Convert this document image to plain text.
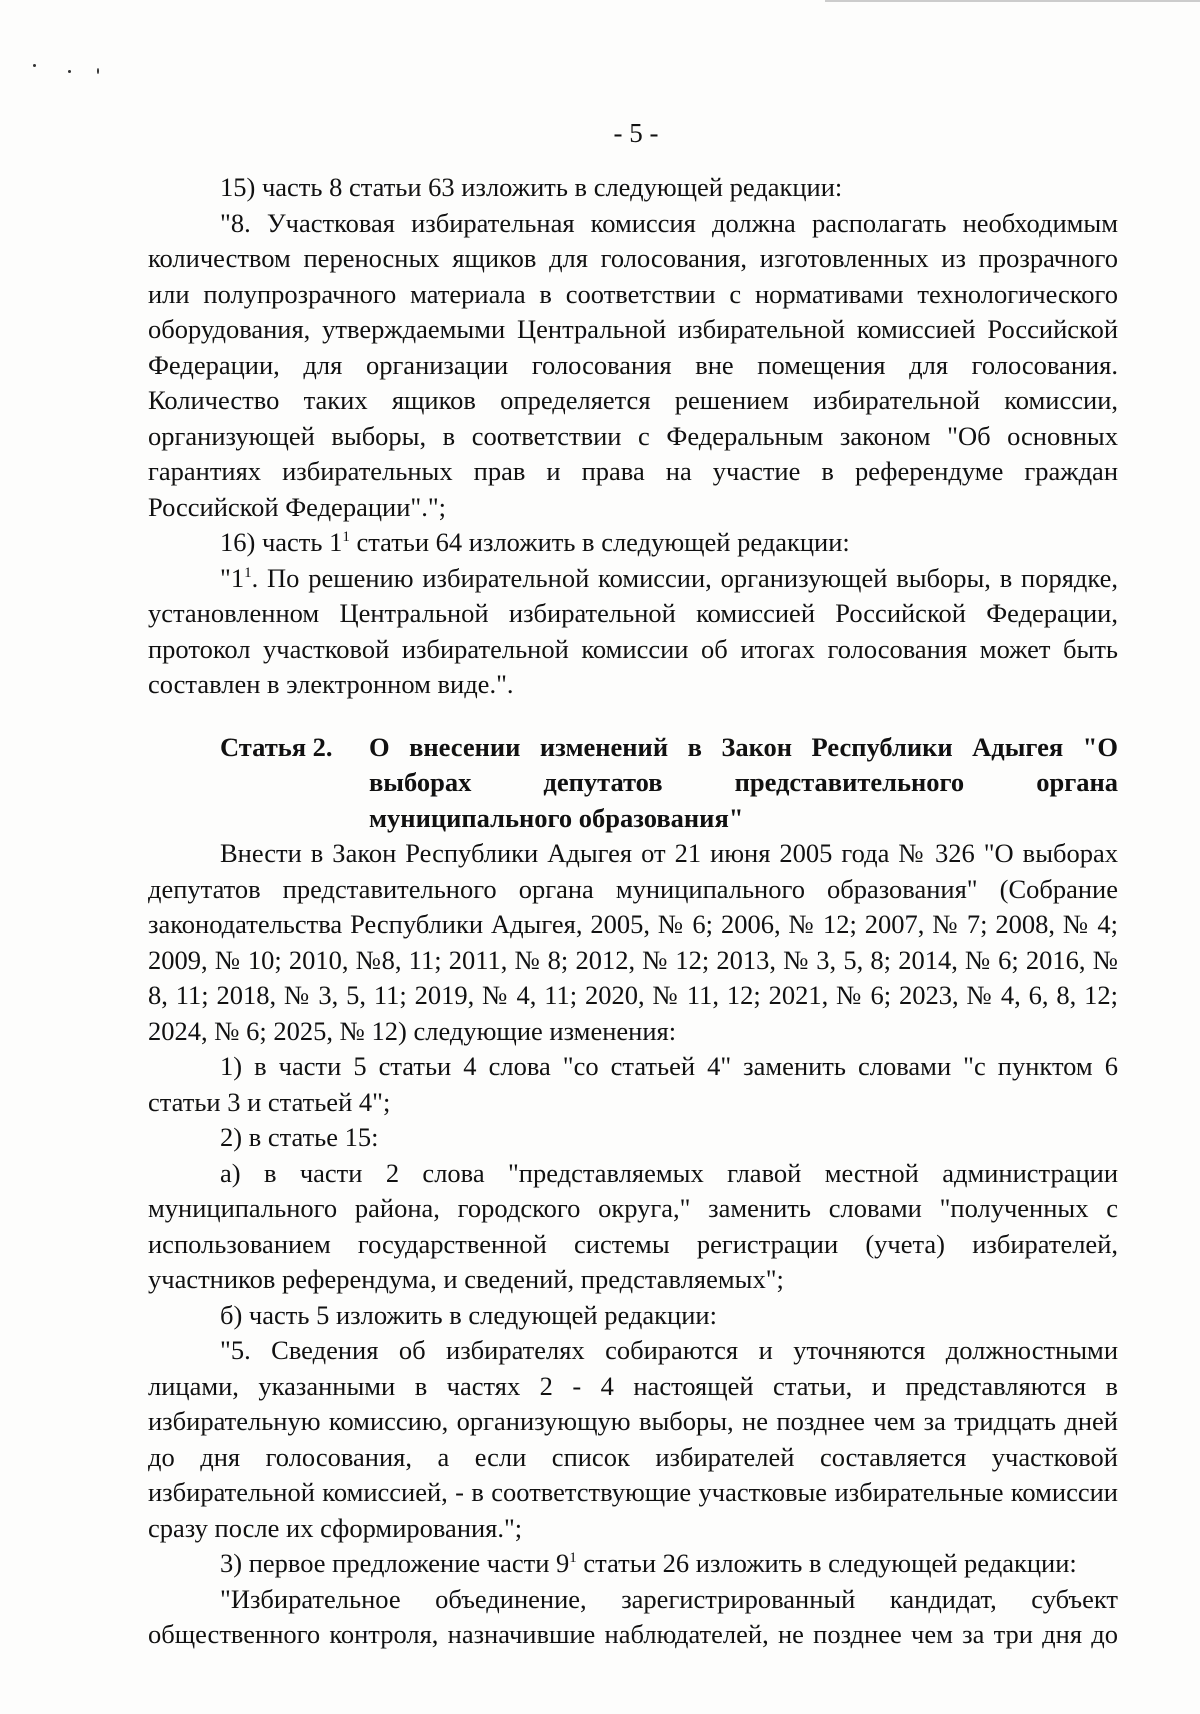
- 5 -

15) часть 8 статьи 63 изложить в следующей редакции:

"8. Участковая избирательная комиссия должна располагать необходимым количеством переносных ящиков для голосования, изготовленных из прозрачного или полупрозрачного материала в соответствии с нормативами технологического оборудования, утверждаемыми Центральной избирательной комиссией Российской Федерации, для организации голосования вне помещения для голосования. Количество таких ящиков определяется решением избирательной комиссии, организующей выборы, в соответствии с Федеральным законом "Об основных гарантиях избирательных прав и права на участие в референдуме граждан Российской Федерации".";

16) часть $1^1$ статьи 64 изложить в следующей редакции:

"$1^1$. По решению избирательной комиссии, организующей выборы, в порядке, установленном Центральной избирательной комиссией Российской Федерации, протокол участковой избирательной комиссии об итогах голосования может быть составлен в электронном виде.".

Статья 2.	О внесении изменений в Закон Республики Адыгея "О выборах депутатов представительного органа муниципального образования"

Внести в Закон Республики Адыгея от 21 июня 2005 года № 326 "О выборах депутатов представительного органа муниципального образования" (Собрание законодательства Республики Адыгея, 2005, № 6; 2006, № 12; 2007, № 7; 2008, № 4; 2009, № 10; 2010, №8, 11; 2011, № 8; 2012, № 12; 2013, № 3, 5, 8; 2014, № 6; 2016, № 8, 11; 2018, № 3, 5, 11; 2019, № 4, 11; 2020, № 11, 12; 2021, № 6; 2023, № 4, 6, 8, 12; 2024, № 6; 2025, № 12) следующие изменения:

1) в части 5 статьи 4 слова "со статьей 4" заменить словами "с пунктом 6 статьи 3 и статьей 4";

2) в статье 15:

а) в части 2 слова "представляемых главой местной администрации муниципального района, городского округа," заменить словами "полученных с использованием государственной системы регистрации (учета) избирателей, участников референдума, и сведений, представляемых";

б) часть 5 изложить в следующей редакции:

"5. Сведения об избирателях собираются и уточняются должностными лицами, указанными в частях 2 - 4 настоящей статьи, и представляются в избирательную комиссию, организующую выборы, не позднее чем за тридцать дней до дня голосования, а если список избирателей составляется участковой избирательной комиссией, - в соответствующие участковые избирательные комиссии сразу после их сформирования.";

3) первое предложение части $9^1$ статьи 26 изложить в следующей редакции:

"Избирательное объединение, зарегистрированный кандидат, субъект общественного контроля, назначившие наблюдателей, не позднее чем за три дня до
